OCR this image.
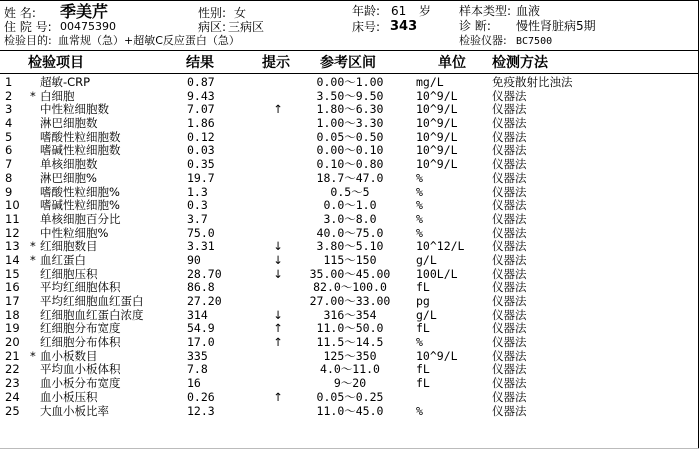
姓 名: 季美芹	性别: 女	年龄: 61 岁 样本类型: 血液
住 院 号: 00475390	病区: 三病区	床号: 343	诊 断: 慢性肾脏病5期
检验目的: 血常规（急）+超敏C反应蛋白（急）	检验仪器: BC7500
检验项目	结果	提示 参考区间	单位 检测方法
1 超敏-CRP	0.87	0.00～1.00	mg/L	免疫散射比浊法
2 * 白细胞	9.43	3.50～9.50	10^9/L	仪器法
3 中性粒细胞数	7.07	↑	1.80～6.30	10^9/L	仪器法
4 淋巴细胞数	1.86	1.00～3.30	10^9/L	仪器法
5 嗜酸性粒细胞数	0.12	0.05～0.50	10^9/L	仪器法
6 嗜碱性粒细胞数	0.03	0.00～0.10	10^9/L	仪器法
7 单核细胞数	0.35	0.10～0.80	10^9/L	仪器法
8 淋巴细胞%	19.7	18.7～47.0	%	仪器法
9 嗜酸性粒细胞%	1.3	0.5～5	%	仪器法
10 嗜碱性粒细胞%	0.3	0.0～1.0	%	仪器法
11 单核细胞百分比	3.7	3.0～8.0	%	仪器法
12 中性粒细胞%	75.0	40.0～75.0	%	仪器法
13 * 红细胞数目	3.31	↓	3.80～5.10	10^12/L 仪器法
14 * 血红蛋白	90	↓	115～150	g/L	仪器法
15 红细胞压积	28.70	↓	35.00～45.00	100L/L	仪器法
16 平均红细胞体积	86.8	82.0～100.0	fL	仪器法
17 平均红细胞血红蛋白	27.20	27.00～33.00	pg	仪器法
18 红细胞血红蛋白浓度	314	↓	316～354	g/L	仪器法
19 红细胞分布宽度	54.9	↑	11.0～50.0	fL	仪器法
20 红细胞分布体积	17.0	↑	11.5～14.5	%	仪器法
21 * 血小板数目	335	125～350	10^9/L	仪器法
22 平均血小板体积	7.8	4.0～11.0	fL	仪器法
23 血小板分布宽度	16	9～20	fL	仪器法
24 血小板压积	0.26	↑	0.05～0.25	仪器法
25 大血小板比率	12.3	11.0～45.0	%	仪器法
